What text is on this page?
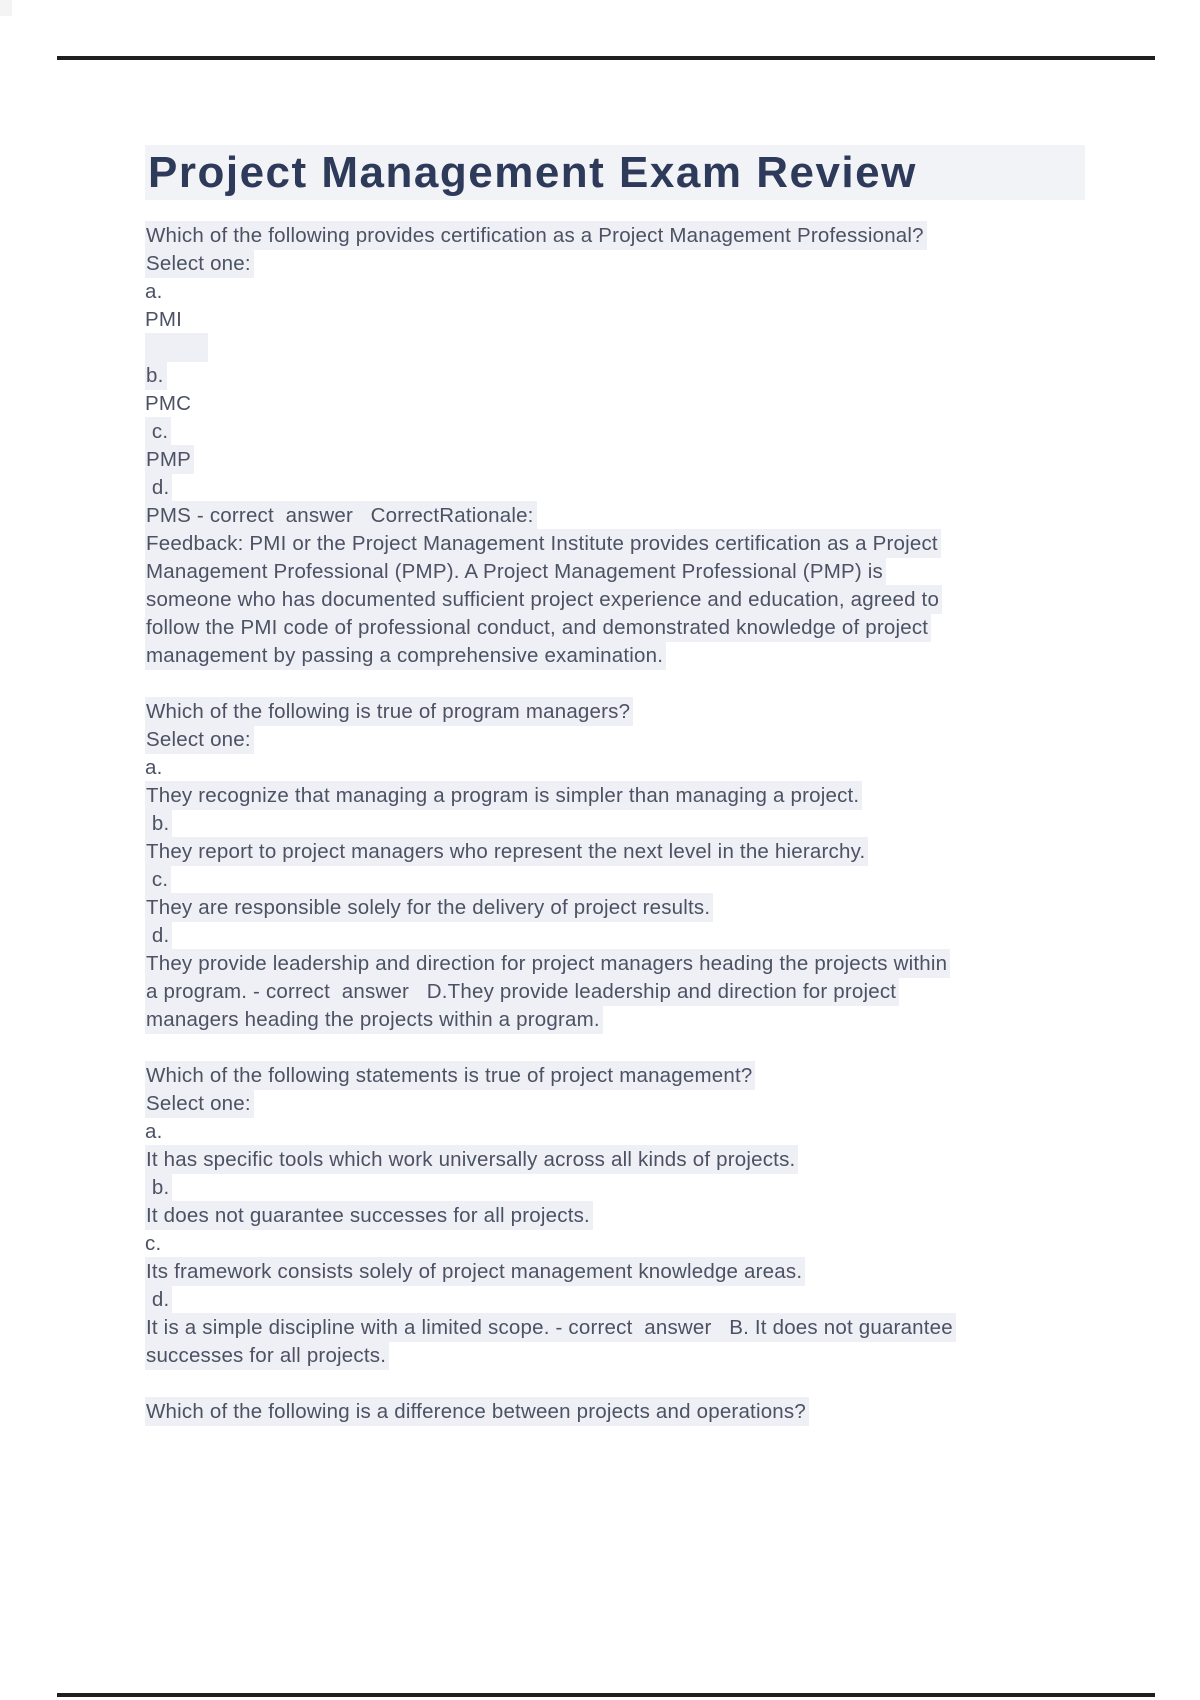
Project Management Exam Review
Which of the following provides certification as a Project Management Professional?
Select one:
a.
PMI

b.
PMC
c.
PMP
d.
PMS - correct  answer   CorrectRationale:
Feedback: PMI or the Project Management Institute provides certification as a Project
Management Professional (PMP). A Project Management Professional (PMP) is
someone who has documented sufficient project experience and education, agreed to
follow the PMI code of professional conduct, and demonstrated knowledge of project
management by passing a comprehensive examination.
Which of the following is true of program managers?
Select one:
a.
They recognize that managing a program is simpler than managing a project.
b.
They report to project managers who represent the next level in the hierarchy.
c.
They are responsible solely for the delivery of project results.
d.
They provide leadership and direction for project managers heading the projects within
a program. - correct  answer   D.They provide leadership and direction for project
managers heading the projects within a program.
Which of the following statements is true of project management?
Select one:
a.
It has specific tools which work universally across all kinds of projects.
b.
It does not guarantee successes for all projects.
c.
Its framework consists solely of project management knowledge areas.
d.
It is a simple discipline with a limited scope. - correct  answer   B. It does not guarantee
successes for all projects.
Which of the following is a difference between projects and operations?
